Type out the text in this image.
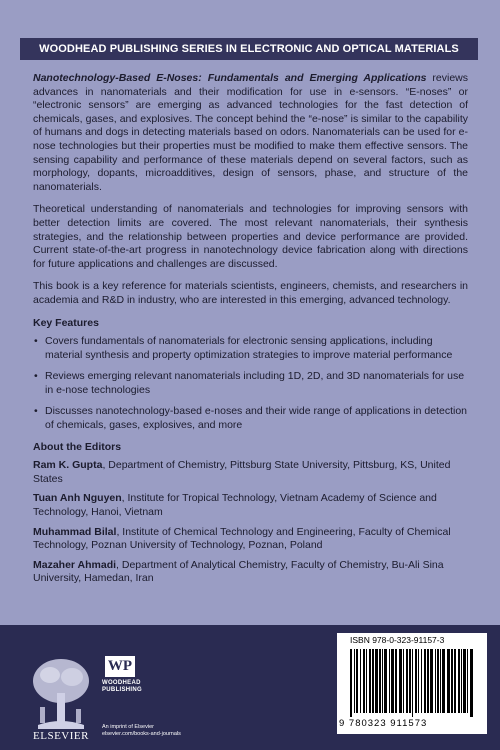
WOODHEAD PUBLISHING SERIES IN ELECTRONIC AND OPTICAL MATERIALS

Nanotechnology-Based E-Noses: Fundamentals and Emerging Applications reviews advances in nanomaterials and their modification for use in e-sensors. “E-noses” or “electronic sensors” are emerging as advanced technologies for the fast detection of chemicals, gases, and explosives. The concept behind the “e-nose” is similar to the capability of humans and dogs in detecting materials based on odors. Nanomaterials can be used for e-nose technologies but their properties must be modified to make them effective sensors. The sensing capability and performance of these materials depend on several factors, such as morphology, dopants, microadditives, design of sensors, phase, and structure of the nanomaterials.

Theoretical understanding of nanomaterials and technologies for improving sensors with better detection limits are covered. The most relevant nanomaterials, their synthesis strategies, and the relationship between properties and device performance are provided. Current state-of-the-art progress in nanotechnology device fabrication along with directions for future applications and challenges are discussed.

This book is a key reference for materials scientists, engineers, chemists, and researchers in academia and R&D in industry, who are interested in this emerging, advanced technology.

Key Features
• Covers fundamentals of nanomaterials for electronic sensing applications, including material synthesis and property optimization strategies to improve material performance
• Reviews emerging relevant nanomaterials including 1D, 2D, and 3D nanomaterials for use in e-nose technologies
• Discusses nanotechnology-based e-noses and their wide range of applications in detection of chemicals, gases, explosives, and more
About the Editors
Ram K. Gupta, Department of Chemistry, Pittsburg State University, Pittsburg, KS, United States
Tuan Anh Nguyen, Institute for Tropical Technology, Vietnam Academy of Science and Technology, Hanoi, Vietnam
Muhammad Bilal, Institute of Chemical Technology and Engineering, Faculty of Chemical Technology, Poznan University of Technology, Poznan, Poland
Mazaher Ahmadi, Department of Analytical Chemistry, Faculty of Chemistry, Bu-Ali Sina University, Hamedan, Iran
ELSEVIER
WP
WOODHEAD
PUBLISHING
An imprint of Elsevier
elsevier.com/books-and-journals
ISBN 978-0-323-91157-3
9 780323 911573
